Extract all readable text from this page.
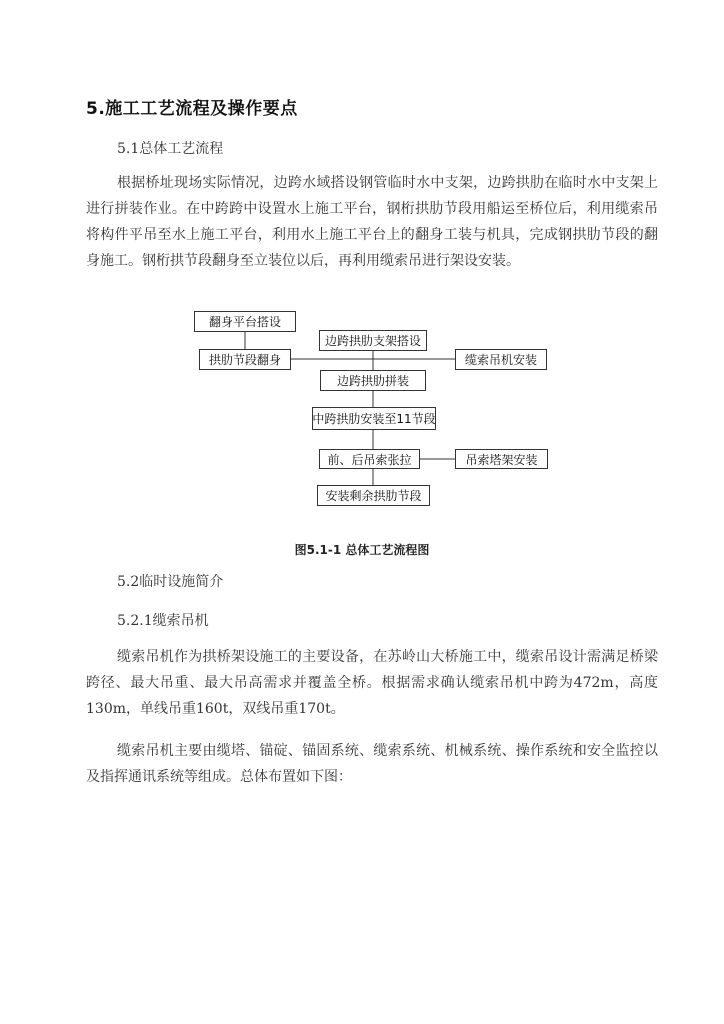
5.施工工艺流程及操作要点
5.1总体工艺流程

根据桥址现场实际情况，边跨水域搭设钢管临时水中支架，边跨拱肋在临时水中支架上进行拼装作业。在中跨跨中设置水上施工平台，钢桁拱肋节段用船运至桥位后，利用缆索吊将构件平吊至水上施工平台，利用水上施工平台上的翻身工装与机具，完成钢拱肋节段的翻身施工。钢桁拱节段翻身至立装位以后，再利用缆索吊进行架设安装。

翻身平台搭设
边跨拱肋支架搭设
拱肋节段翻身	缆索吊机安装
边跨拱肋拼装
中跨拱肋安装至11节段
前、后吊索张拉	吊索塔架安装
安装剩余拱肋节段
图5.1-1 总体工艺流程图
5.2临时设施简介
5.2.1缆索吊机

缆索吊机作为拱桥架设施工的主要设备，在苏岭山大桥施工中，缆索吊设计需满足桥梁跨径、最大吊重、最大吊高需求并覆盖全桥。根据需求确认缆索吊机中跨为472m，高度130m，单线吊重160t，双线吊重170t。

缆索吊机主要由缆塔、锚碇、锚固系统、缆索系统、机械系统、操作系统和安全监控以及指挥通讯系统等组成。总体布置如下图：
